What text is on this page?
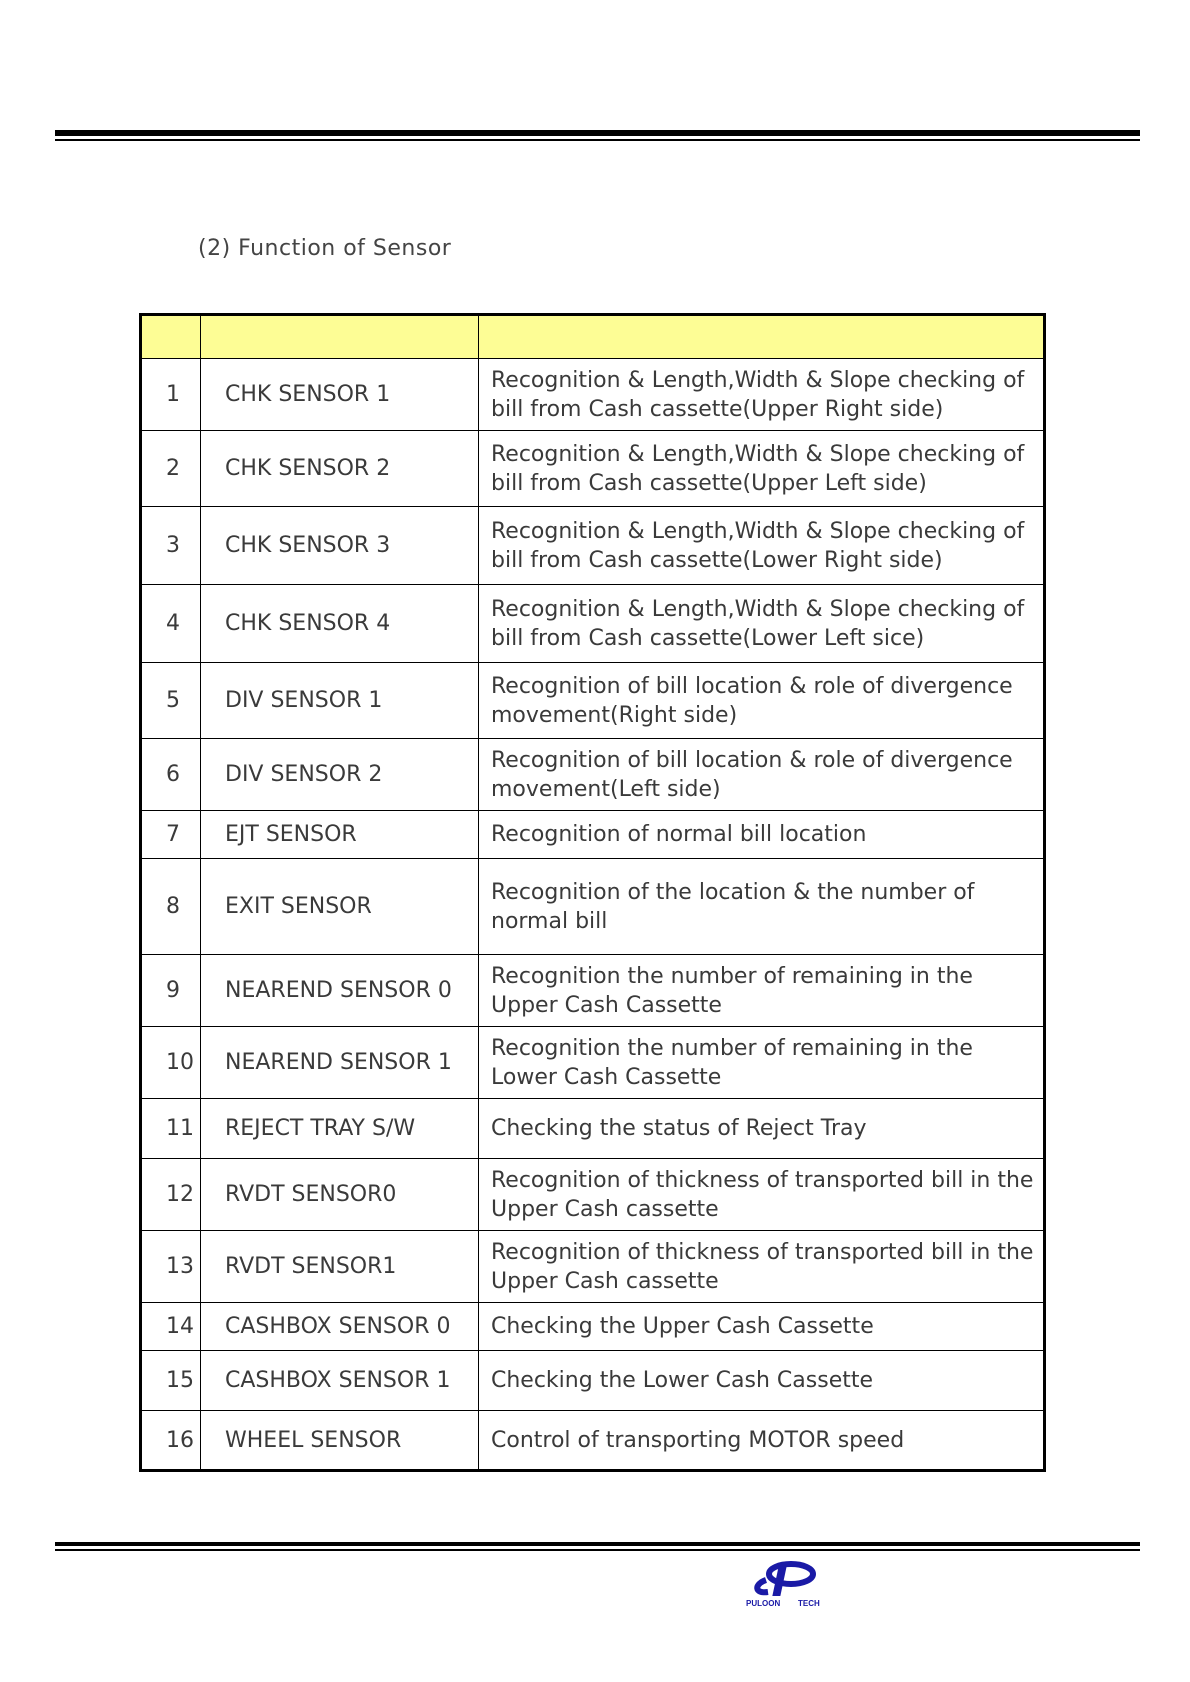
(2) Function of Sensor

1	CHK SENSOR 1	Recognition & Length,Width & Slope checking of bill from Cash cassette(Upper Right side)
2	CHK SENSOR 2	Recognition & Length,Width & Slope checking of bill from Cash cassette(Upper Left side)
3	CHK SENSOR 3	Recognition & Length,Width & Slope checking of bill from Cash cassette(Lower Right side)
4	CHK SENSOR 4	Recognition & Length,Width & Slope checking of bill from Cash cassette(Lower Left sice)
5	DIV SENSOR 1	Recognition of bill location & role of divergence movement(Right side)
6	DIV SENSOR 2	Recognition of bill location & role of divergence movement(Left side)
7	EJT SENSOR	Recognition of normal bill location
8	EXIT SENSOR	Recognition of the location & the number of normal bill
9	NEAREND SENSOR 0	Recognition the number of remaining in the Upper Cash Cassette
10	NEAREND SENSOR 1	Recognition the number of remaining in the Lower Cash Cassette
11	REJECT TRAY S/W	Checking the status of Reject Tray
12	RVDT SENSOR0	Recognition of thickness of transported bill in the Upper Cash cassette
13	RVDT SENSOR1	Recognition of thickness of transported bill in the Upper Cash cassette
14	CASHBOX SENSOR 0	Checking the Upper Cash Cassette
15	CASHBOX SENSOR 1	Checking the Lower Cash Cassette
16	WHEEL SENSOR	Control of transporting MOTOR speed
PULOON TECH
